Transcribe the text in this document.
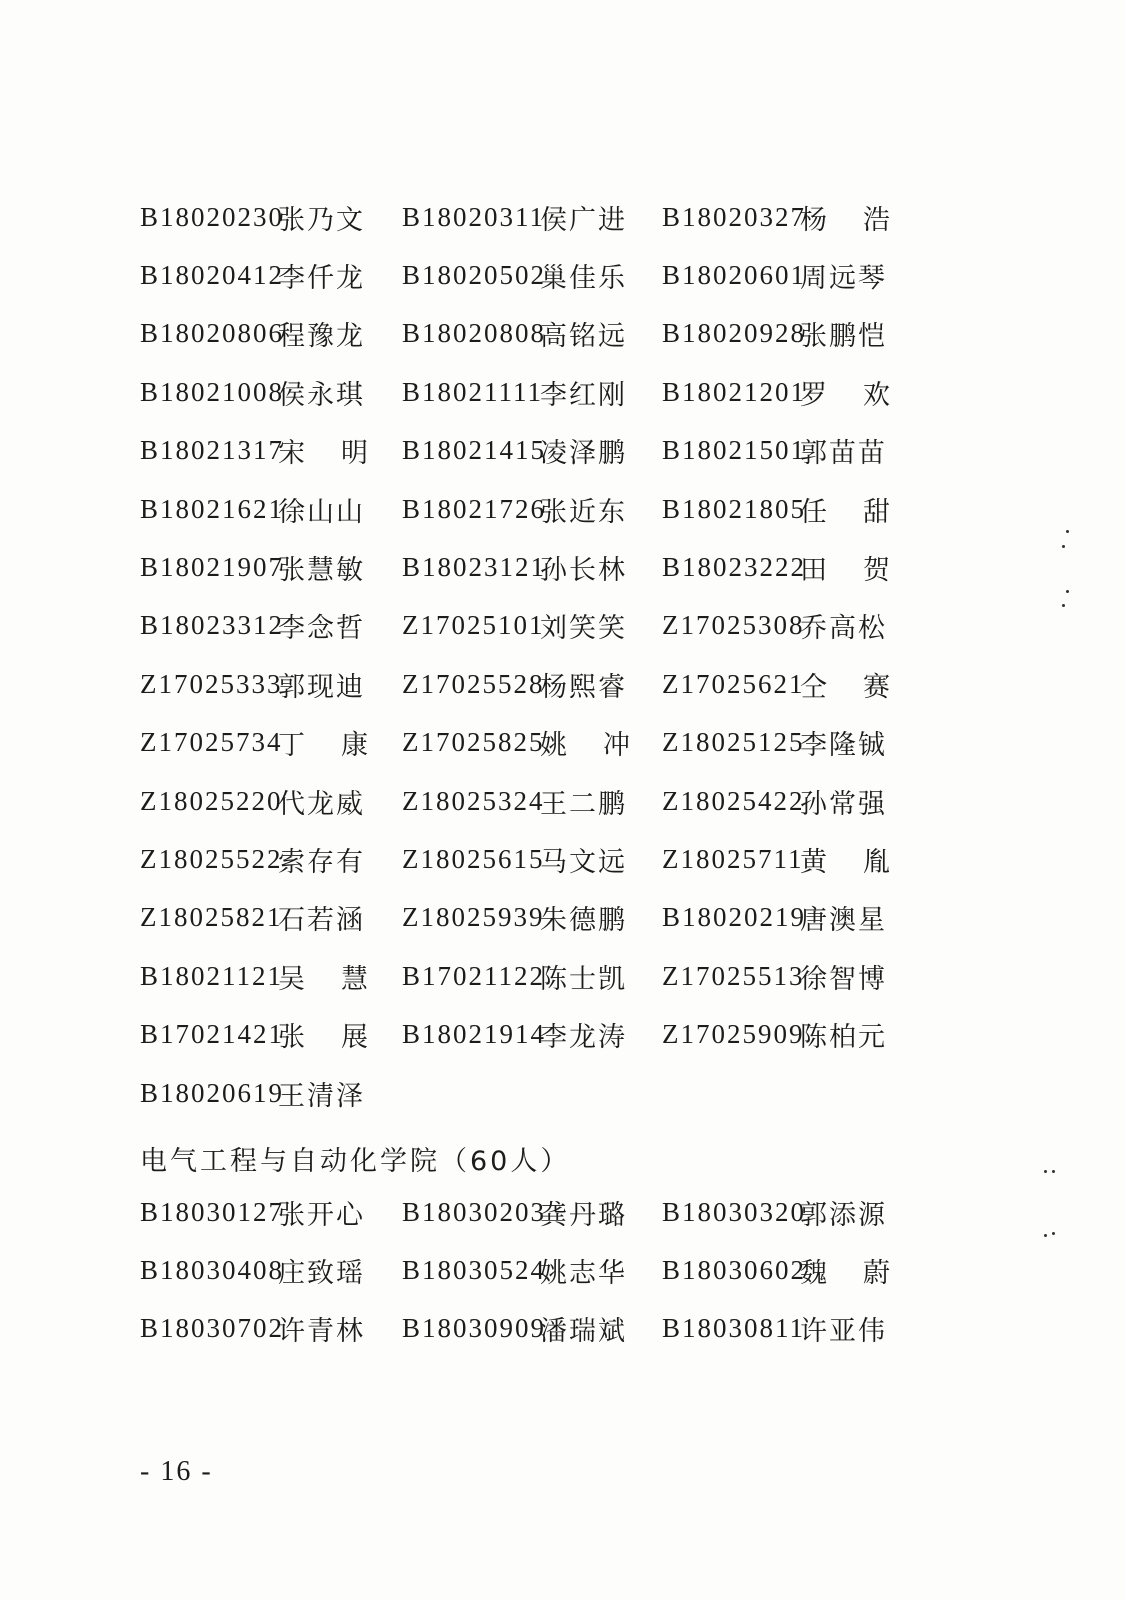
B18020230
张乃文 B18020311
侯广进 B18020327
杨 浩
B18020412
李仟龙 B18020502
巢佳乐 B18020601
周远琴
B18020806
程豫龙 B18020808
高铭远 B18020928
张鹏恺
B18021008
侯永琪 B18021111
李红刚 B18021201
罗 欢
B18021317
宋 明 B18021415
凌泽鹏 B18021501
郭苗苗
B18021621
徐山山 B18021726
张近东 B18021805
任 甜
B18021907
张慧敏 B18023121
孙长林 B18023222
田 贺
B18023312
李念哲 Z17025101
刘笑笑 Z17025308
乔高松
Z17025333
郭现迪 Z17025528
杨熙睿 Z17025621
仝 赛
Z17025734
丁 康 Z17025825
姚 冲 Z18025125
李隆铖
Z18025220
代龙威 Z18025324
王二鹏 Z18025422
孙常强
Z18025522
索存有 Z18025615
马文远 Z18025711
黄 胤
Z18025821
石若涵 Z18025939
朱德鹏 B18020219
唐澳星
B18021121
吴 慧 B17021122
陈士凯 Z17025513
徐智博
B17021421
张 展 B18021914
李龙涛 Z17025909
陈柏元
B18020619
王清泽
电气工程与自动化学院（60人）
B18030127
张开心 B18030203
龚丹璐 B18030320
郭添源
B18030408
庄致瑶 B18030524
姚志华 B18030602
魏 蔚
B18030702
许青林 B18030909
潘瑞斌 B18030811
许亚伟
- 16 -
